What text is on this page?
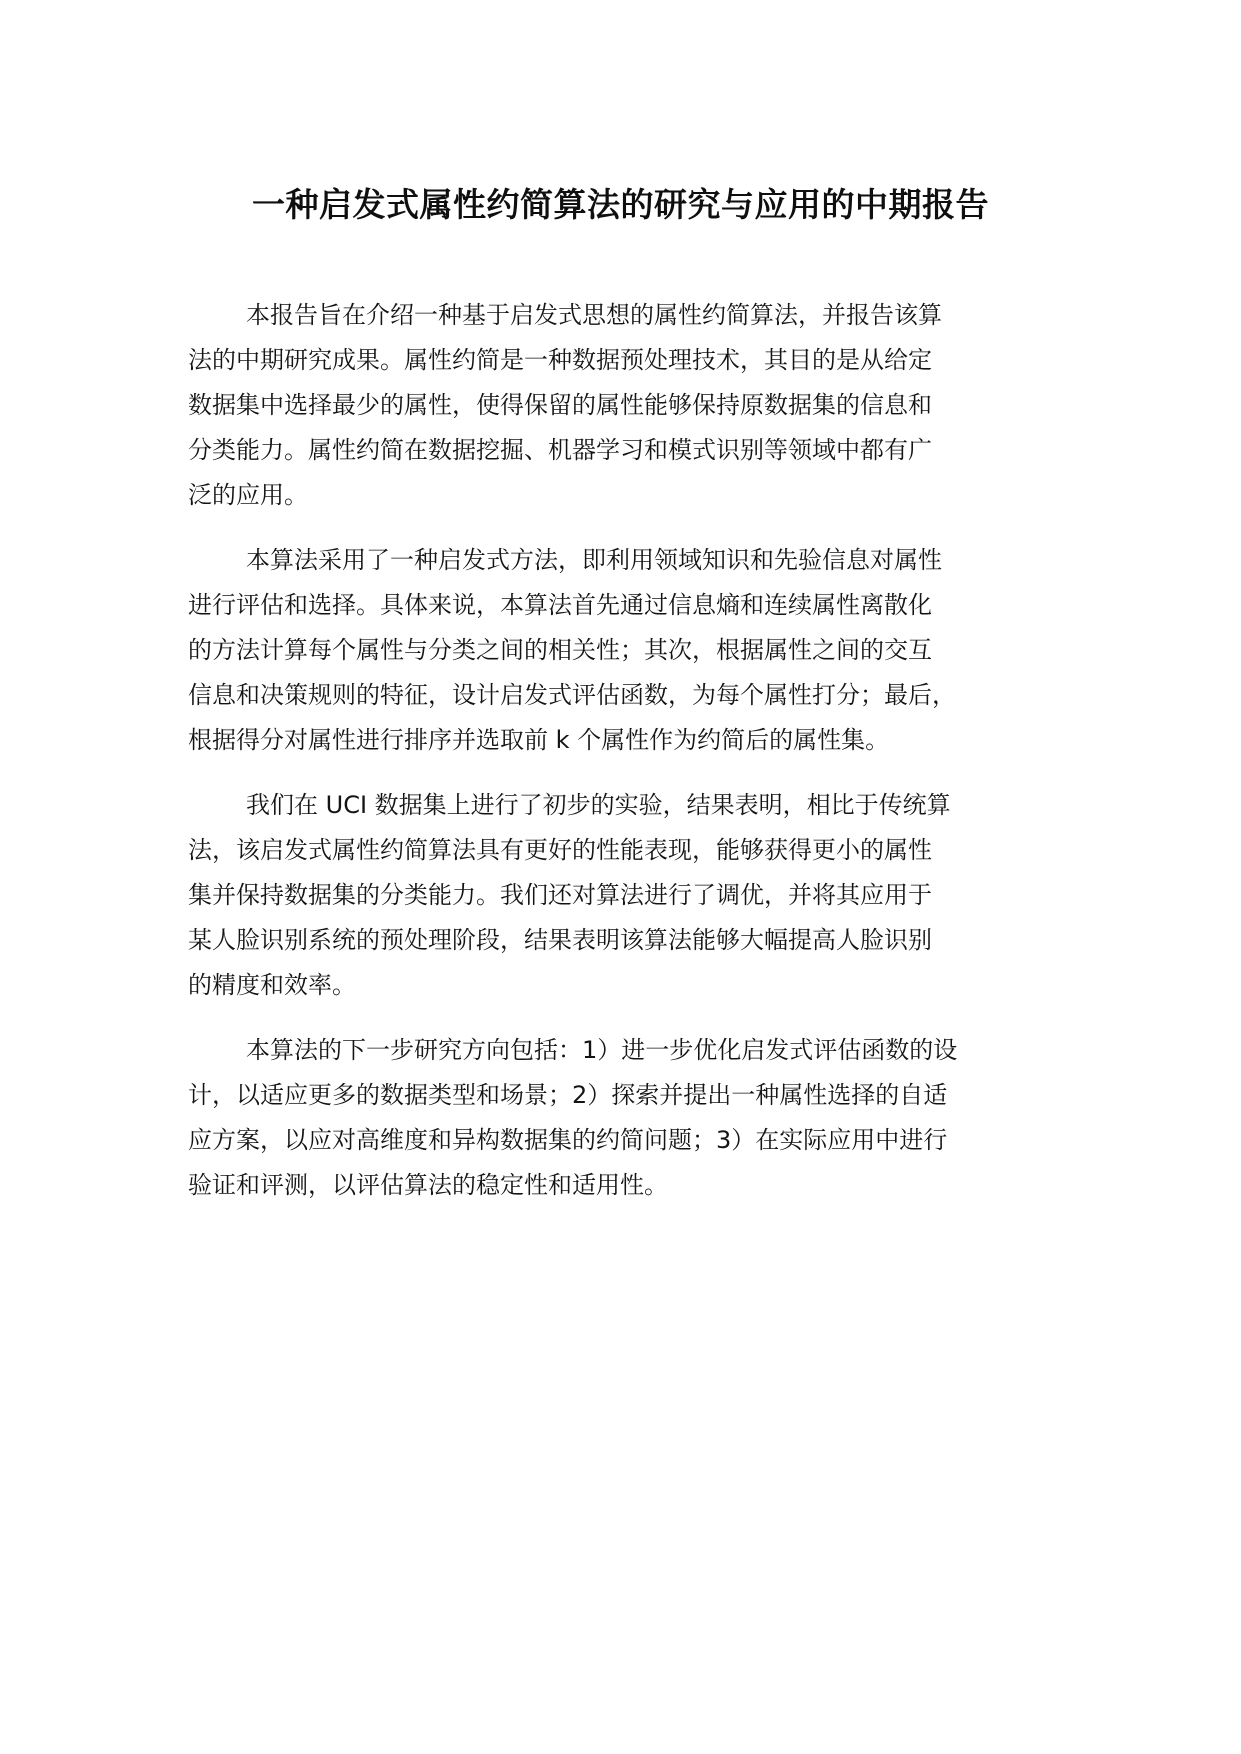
一种启发式属性约简算法的研究与应用的中期报告

本报告旨在介绍一种基于启发式思想的属性约简算法，并报告该算
法的中期研究成果。属性约简是一种数据预处理技术，其目的是从给定
数据集中选择最少的属性，使得保留的属性能够保持原数据集的信息和
分类能力。属性约简在数据挖掘、机器学习和模式识别等领域中都有广
泛的应用。

本算法采用了一种启发式方法，即利用领域知识和先验信息对属性
进行评估和选择。具体来说，本算法首先通过信息熵和连续属性离散化
的方法计算每个属性与分类之间的相关性；其次，根据属性之间的交互
信息和决策规则的特征，设计启发式评估函数，为每个属性打分；最后，
根据得分对属性进行排序并选取前 k 个属性作为约简后的属性集。

我们在 UCI 数据集上进行了初步的实验，结果表明，相比于传统算
法，该启发式属性约简算法具有更好的性能表现，能够获得更小的属性
集并保持数据集的分类能力。我们还对算法进行了调优，并将其应用于
某人脸识别系统的预处理阶段，结果表明该算法能够大幅提高人脸识别
的精度和效率。

本算法的下一步研究方向包括：1）进一步优化启发式评估函数的设
计，以适应更多的数据类型和场景；2）探索并提出一种属性选择的自适
应方案，以应对高维度和异构数据集的约简问题；3）在实际应用中进行
验证和评测，以评估算法的稳定性和适用性。
